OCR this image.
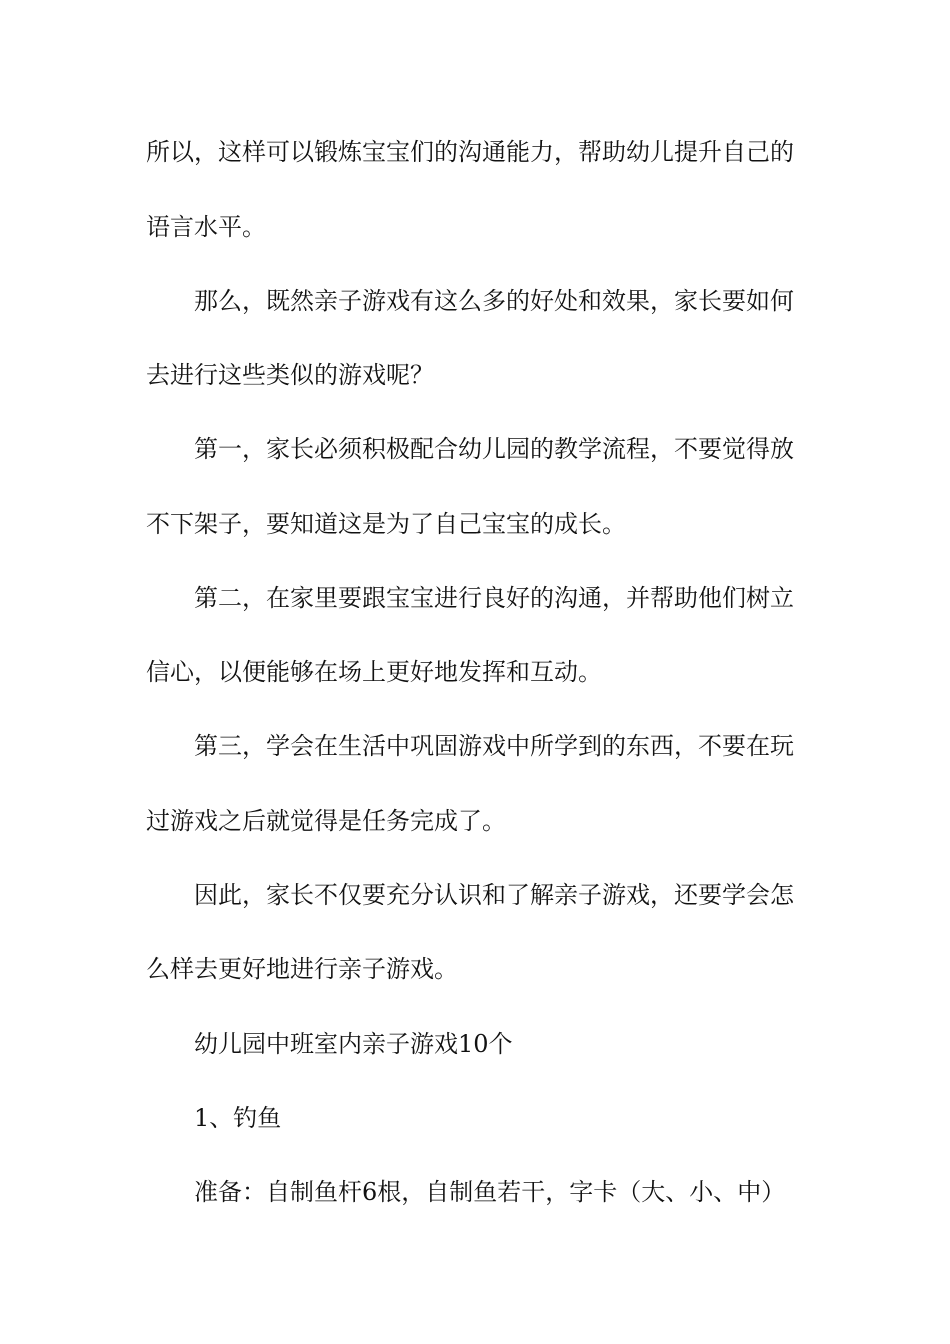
所以，这样可以锻炼宝宝们的沟通能力，帮助幼儿提升自己的
语言水平。
那么，既然亲子游戏有这么多的好处和效果，家长要如何
去进行这些类似的游戏呢？
第一，家长必须积极配合幼儿园的教学流程，不要觉得放
不下架子，要知道这是为了自己宝宝的成长。
第二，在家里要跟宝宝进行良好的沟通，并帮助他们树立
信心，以便能够在场上更好地发挥和互动。
第三，学会在生活中巩固游戏中所学到的东西，不要在玩
过游戏之后就觉得是任务完成了。
因此，家长不仅要充分认识和了解亲子游戏，还要学会怎
么样去更好地进行亲子游戏。
幼儿园中班室内亲子游戏10个
1、钓鱼
准备：自制鱼杆6根，自制鱼若干，字卡（大、小、中）
